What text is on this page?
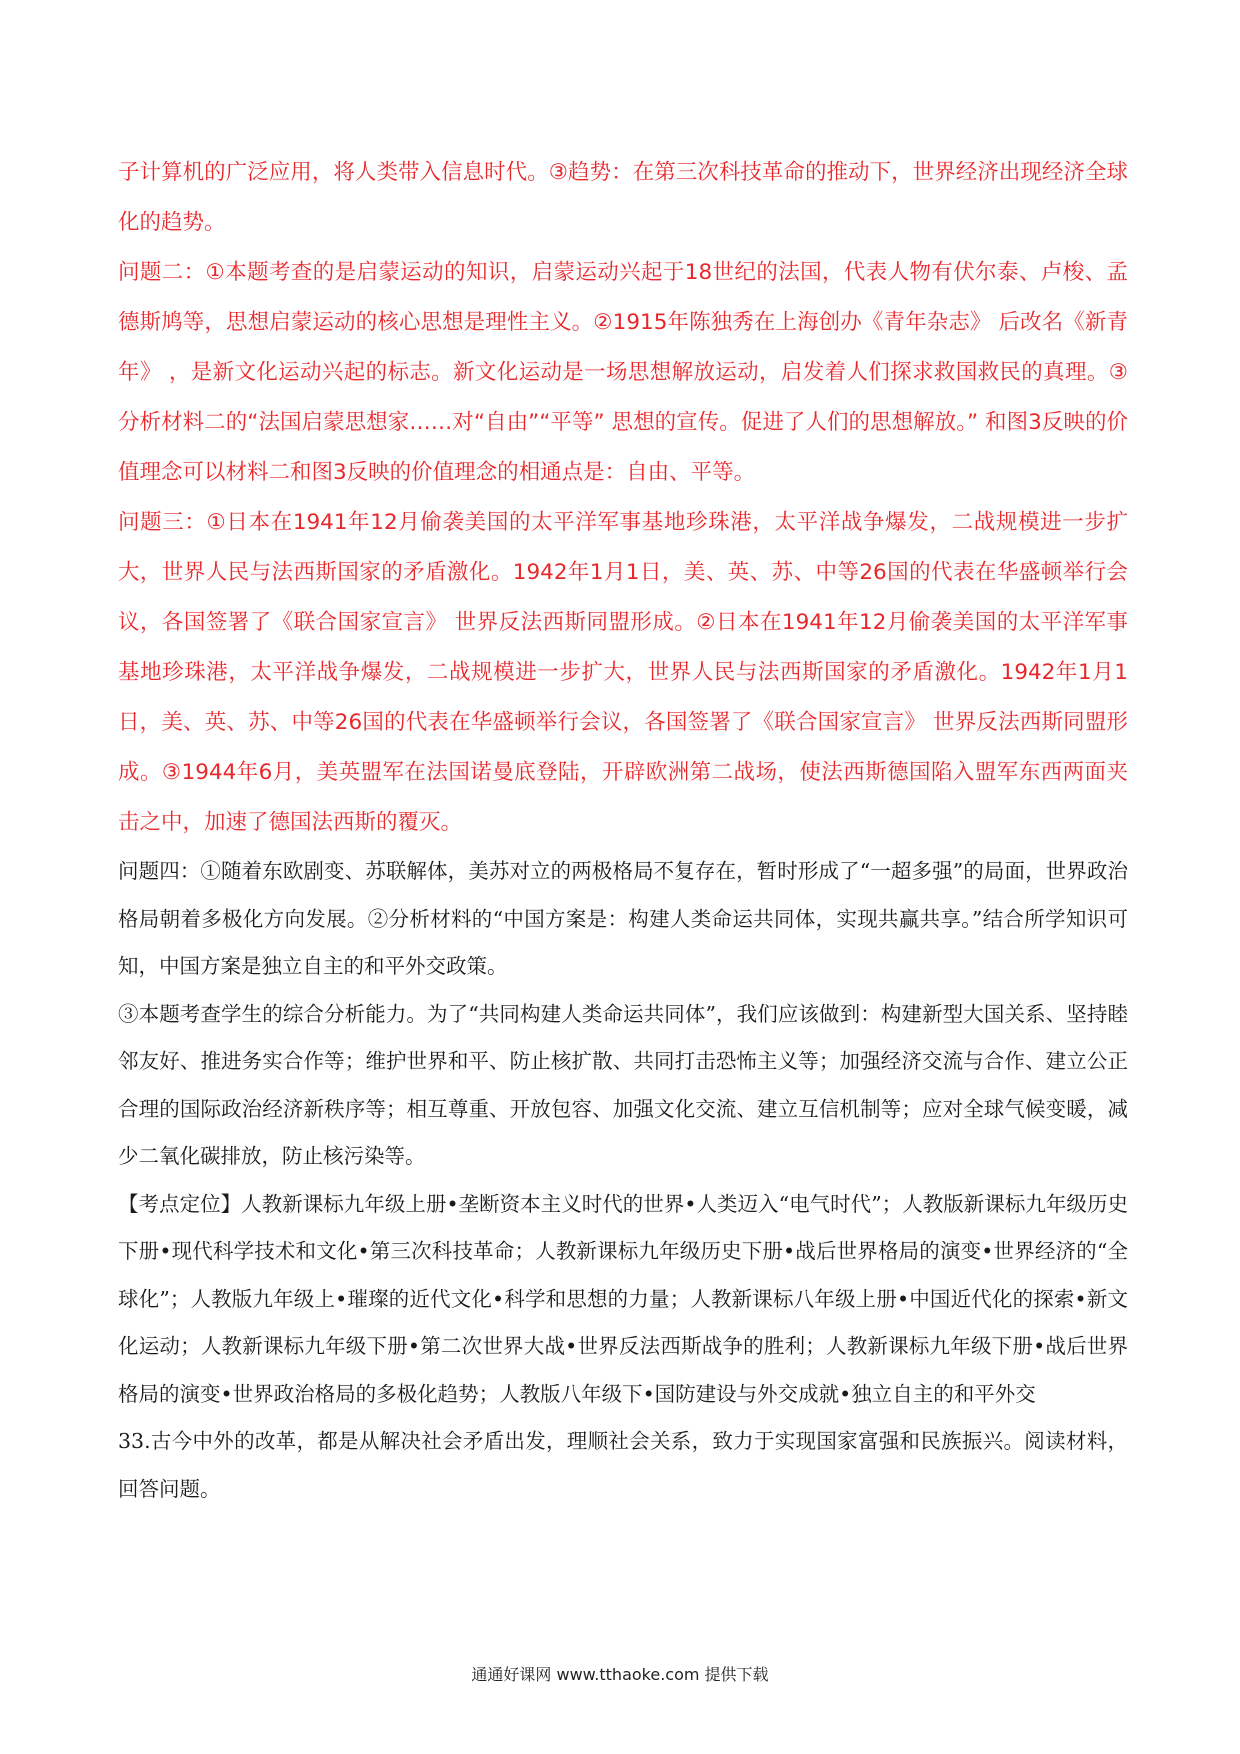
子计算机的广泛应用，将人类带入信息时代。③趋势：在第三次科技革命的推动下，世界经济出现经济全球化的趋势。

问题二：①本题考查的是启蒙运动的知识，启蒙运动兴起于18世纪的法国，代表人物有伏尔泰、卢梭、孟德斯鸠等，思想启蒙运动的核心思想是理性主义。②1915年陈独秀在上海创办《青年杂志》 后改名《新青年》 ，是新文化运动兴起的标志。新文化运动是一场思想解放运动，启发着人们探求救国救民的真理。③分析材料二的“法国启蒙思想家……对“自由”“平等” 思想的宣传。促进了人们的思想解放。” 和图3反映的价值理念可以材料二和图3反映的价值理念的相通点是：自由、平等。

问题三：①日本在1941年12月偷袭美国的太平洋军事基地珍珠港，太平洋战争爆发，二战规模进一步扩大，世界人民与法西斯国家的矛盾激化。1942年1月1日，美、英、苏、中等26国的代表在华盛顿举行会议，各国签署了《联合国家宣言》 世界反法西斯同盟形成。②日本在1941年12月偷袭美国的太平洋军事基地珍珠港，太平洋战争爆发，二战规模进一步扩大，世界人民与法西斯国家的矛盾激化。1942年1月1日，美、英、苏、中等26国的代表在华盛顿举行会议，各国签署了《联合国家宣言》 世界反法西斯同盟形成。③1944年6月，美英盟军在法国诺曼底登陆，开辟欧洲第二战场，使法西斯德国陷入盟军东西两面夹击之中，加速了德国法西斯的覆灭。

问题四：①随着东欧剧变、苏联解体，美苏对立的两极格局不复存在，暂时形成了“一超多强”的局面，世界政治格局朝着多极化方向发展。②分析材料的“中国方案是：构建人类命运共同体，实现共赢共享。”结合所学知识可知，中国方案是独立自主的和平外交政策。

③本题考查学生的综合分析能力。为了“共同构建人类命运共同体”，我们应该做到：构建新型大国关系、坚持睦邻友好、推进务实合作等；维护世界和平、防止核扩散、共同打击恐怖主义等；加强经济交流与合作、建立公正合理的国际政治经济新秩序等；相互尊重、开放包容、加强文化交流、建立互信机制等；应对全球气候变暖，减少二氧化碳排放，防止核污染等。

【考点定位】人教新课标九年级上册•垄断资本主义时代的世界•人类迈入“电气时代”；人教版新课标九年级历史下册•现代科学技术和文化•第三次科技革命；人教新课标九年级历史下册•战后世界格局的演变•世界经济的“全球化”；人教版九年级上•璀璨的近代文化•科学和思想的力量；人教新课标八年级上册•中国近代化的探索•新文化运动；人教新课标九年级下册•第二次世界大战•世界反法西斯战争的胜利；人教新课标九年级下册•战后世界格局的演变•世界政治格局的多极化趋势；人教版八年级下•国防建设与外交成就•独立自主的和平外交

33.古今中外的改革，都是从解决社会矛盾出发，理顺社会关系，致力于实现国家富强和民族振兴。阅读材料，回答问题。

通通好课网 www.tthaoke.com 提供下载
